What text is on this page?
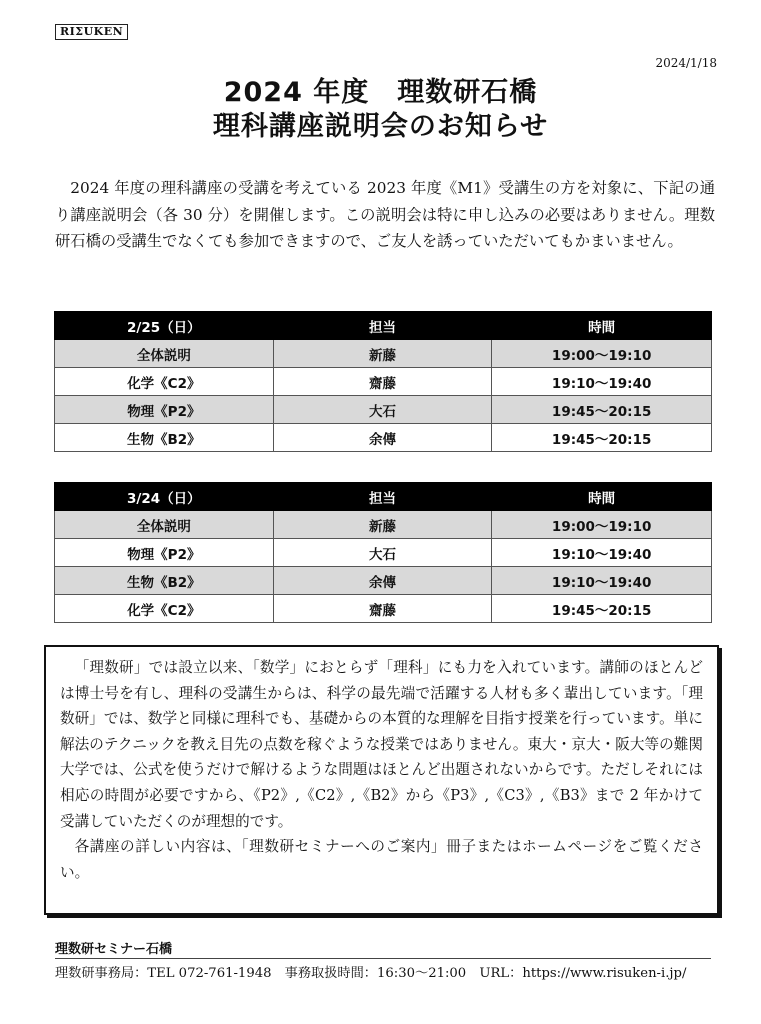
RIΣUKEN
2024/1/18
2024 年度　理数研石橋
理科講座説明会のお知らせ
2024 年度の理科講座の受講を考えている 2023 年度《M1》受講生の方を対象に、下記の通り講座説明会（各 30 分）を開催します。この説明会は特に申し込みの必要はありません。理数研石橋の受講生でなくても参加できますので、ご友人を誘っていただいてもかまいません。
2/25（日）	担当	時間
全体説明	新藤	19:00～19:10
化学《C2》	齋藤	19:10～19:40
物理《P2》	大石	19:45～20:15
生物《B2》	余傳	19:45～20:15
3/24（日）	担当	時間
全体説明	新藤	19:00～19:10
物理《P2》	大石	19:10～19:40
生物《B2》	余傳	19:10～19:40
化学《C2》	齋藤	19:45～20:15

「理数研」では設立以来、「数学」におとらず「理科」にも力を入れています。講師のほとんどは博士号を有し、理科の受講生からは、科学の最先端で活躍する人材も多く輩出しています。「理数研」では、数学と同様に理科でも、基礎からの本質的な理解を目指す授業を行っています。単に解法のテクニックを教え目先の点数を稼ぐような授業ではありません。東大・京大・阪大等の難関大学では、公式を使うだけで解けるような問題はほとんど出題されないからです。ただしそれには相応の時間が必要ですから、《P2》,《C2》,《B2》から《P3》,《C3》,《B3》まで 2 年かけて受講していただくのが理想的です。

各講座の詳しい内容は、「理数研セミナーへのご案内」冊子またはホームページをご覧ください。

理数研セミナー石橋
理数研事務局：TEL 072-761-1948　事務取扱時間：16:30～21:00　URL：https://www.risuken-i.jp/
